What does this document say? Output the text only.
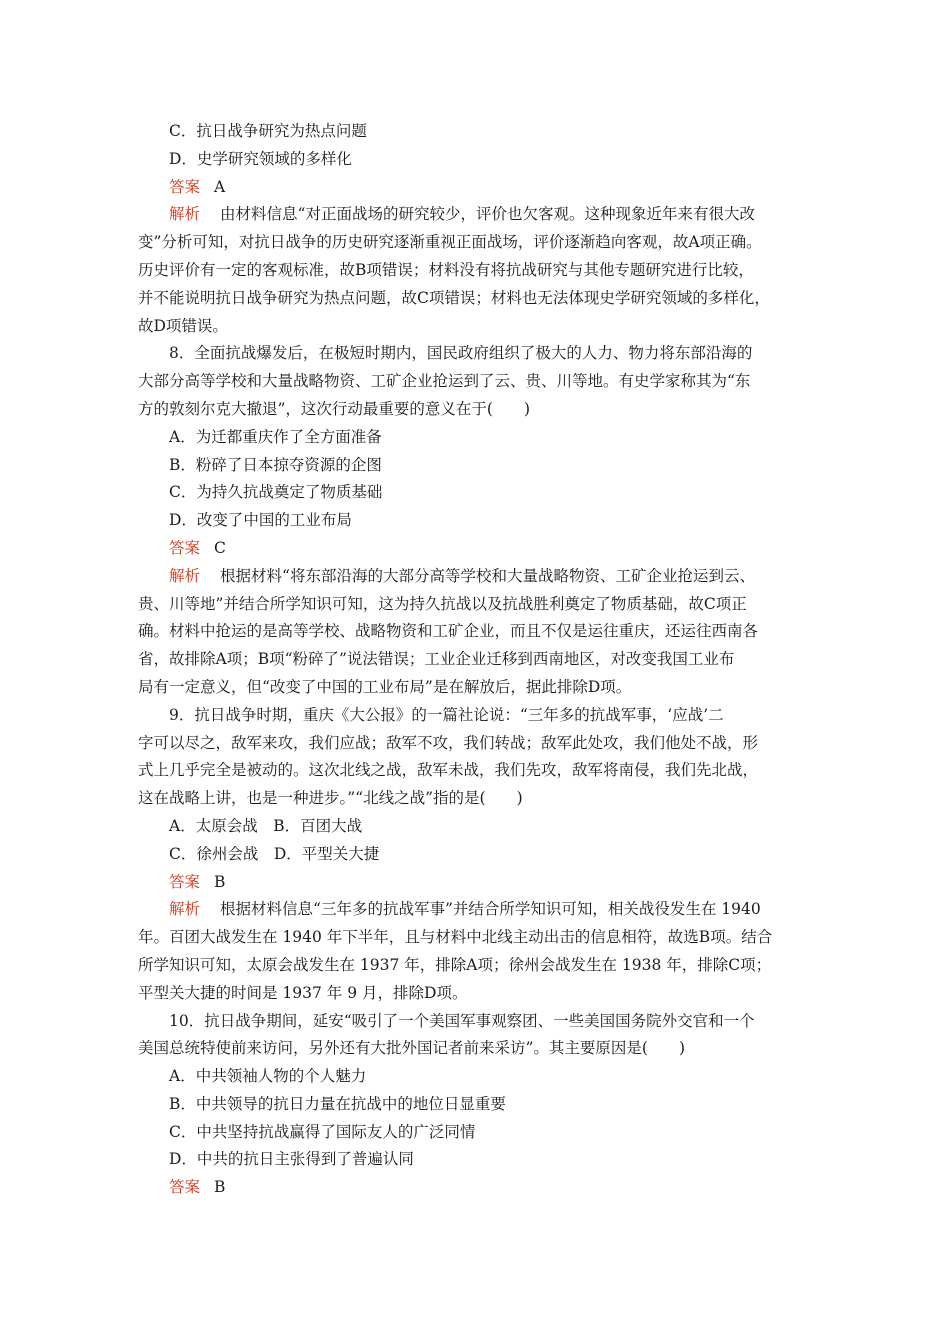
C．抗日战争研究为热点问题
D．史学研究领域的多样化
答案 A
解析 由材料信息“对正面战场的研究较少，评价也欠客观。这种现象近年来有很大改
变”分析可知，对抗日战争的历史研究逐渐重视正面战场，评价逐渐趋向客观，故A项正确。
历史评价有一定的客观标准，故B项错误；材料没有将抗战研究与其他专题研究进行比较，
并不能说明抗日战争研究为热点问题，故C项错误；材料也无法体现史学研究领域的多样化，
故D项错误。
8．全面抗战爆发后，在极短时期内，国民政府组织了极大的人力、物力将东部沿海的
大部分高等学校和大量战略物资、工矿企业抢运到了云、贵、川等地。有史学家称其为“东
方的敦刻尔克大撤退”，这次行动最重要的意义在于(　　)
A．为迁都重庆作了全方面准备
B．粉碎了日本掠夺资源的企图
C．为持久抗战奠定了物质基础
D．改变了中国的工业布局
答案 C
解析 根据材料“将东部沿海的大部分高等学校和大量战略物资、工矿企业抢运到云、
贵、川等地”并结合所学知识可知，这为持久抗战以及抗战胜利奠定了物质基础，故C项正
确。材料中抢运的是高等学校、战略物资和工矿企业，而且不仅是运往重庆，还运往西南各
省，故排除A项；B项“粉碎了”说法错误；工业企业迁移到西南地区，对改变我国工业布
局有一定意义，但“改变了中国的工业布局”是在解放后，据此排除D项。
9．抗日战争时期，重庆《大公报》的一篇社论说：“三年多的抗战军事，‘应战’二
字可以尽之，敌军来攻，我们应战；敌军不攻，我们转战；敌军此处攻，我们他处不战，形
式上几乎完全是被动的。这次北线之战，敌军未战，我们先攻，敌军将南侵，我们先北战，
这在战略上讲，也是一种进步。”“北线之战”指的是(　　)
A．太原会战　B．百团大战
C．徐州会战　D．平型关大捷
答案 B
解析 根据材料信息“三年多的抗战军事”并结合所学知识可知，相关战役发生在 1940
年。百团大战发生在 1940 年下半年，且与材料中北线主动出击的信息相符，故选B项。结合
所学知识可知，太原会战发生在 1937 年，排除A项；徐州会战发生在 1938 年，排除C项；
平型关大捷的时间是 1937 年 9 月，排除D项。
10．抗日战争期间，延安“吸引了一个美国军事观察团、一些美国国务院外交官和一个
美国总统特使前来访问，另外还有大批外国记者前来采访”。其主要原因是(　　)
A．中共领袖人物的个人魅力
B．中共领导的抗日力量在抗战中的地位日显重要
C．中共坚持抗战赢得了国际友人的广泛同情
D．中共的抗日主张得到了普遍认同
答案 B
